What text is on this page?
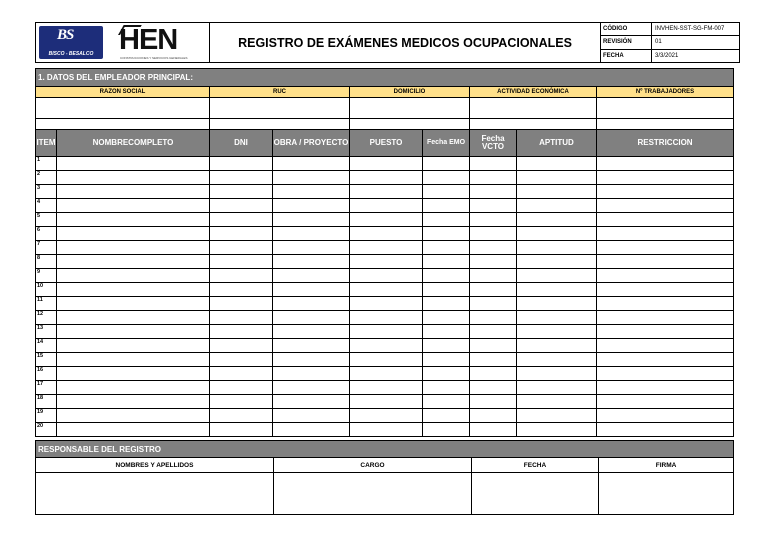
BS
BISCO - BESALCO HEN
CONSTRUCCIONES Y SERVICIOS GENERALES	REGISTRO DE EXÁMENES MEDICOS OCUPACIONALES	CÓDIGO	INVHEN-SST-SG-FM-007
		REVISIÓN	01
		FECHA	3/3/2021
1. DATOS DEL EMPLEADOR PRINCIPAL:								
RAZON SOCIAL		RUC		DOMICILIO		ACTIVIDAD ECONÓMICA		Nº TRABAJADORES

ITEM	NOMBRECOMPLETO	DNI	OBRA / PROYECTO	PUESTO	Fecha EMO	Fecha VCTO	APTITUD	RESTRICCION
1								
2								
3								
4								
5								
6								
7								
8								
9								
10								
11								
12								
13								
14								
15								
16								
17								
18								
19								
20								
RESPONSABLE DEL REGISTRO			
NOMBRES Y APELLIDOS	CARGO	FECHA	FIRMA
